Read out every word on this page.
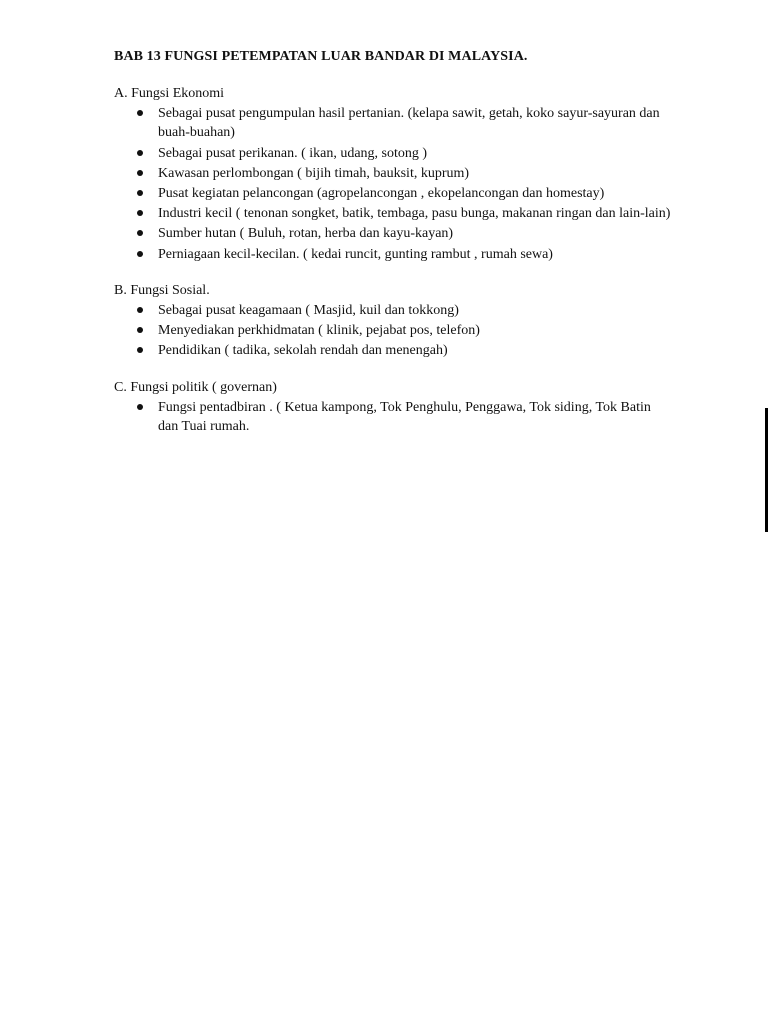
BAB 13 FUNGSI PETEMPATAN LUAR BANDAR DI MALAYSIA.
A. Fungsi Ekonomi
Sebagai pusat pengumpulan hasil pertanian. (kelapa sawit, getah, koko sayur-sayuran dan buah-buahan)
Sebagai pusat perikanan. ( ikan, udang, sotong )
Kawasan perlombongan ( bijih timah, bauksit, kuprum)
Pusat kegiatan pelancongan (agropelancongan , ekopelancongan dan homestay)
Industri kecil ( tenonan songket, batik, tembaga, pasu bunga, makanan ringan dan lain-lain)
Sumber hutan ( Buluh, rotan, herba dan kayu-kayan)
Perniagaan kecil-kecilan. ( kedai runcit, gunting rambut , rumah sewa)
B. Fungsi Sosial.
Sebagai pusat keagamaan ( Masjid, kuil dan tokkong)
Menyediakan perkhidmatan ( klinik, pejabat pos, telefon)
Pendidikan ( tadika, sekolah rendah dan menengah)
C. Fungsi politik ( governan)
Fungsi pentadbiran . ( Ketua kampong, Tok Penghulu, Penggawa, Tok siding, Tok Batin dan Tuai rumah.
